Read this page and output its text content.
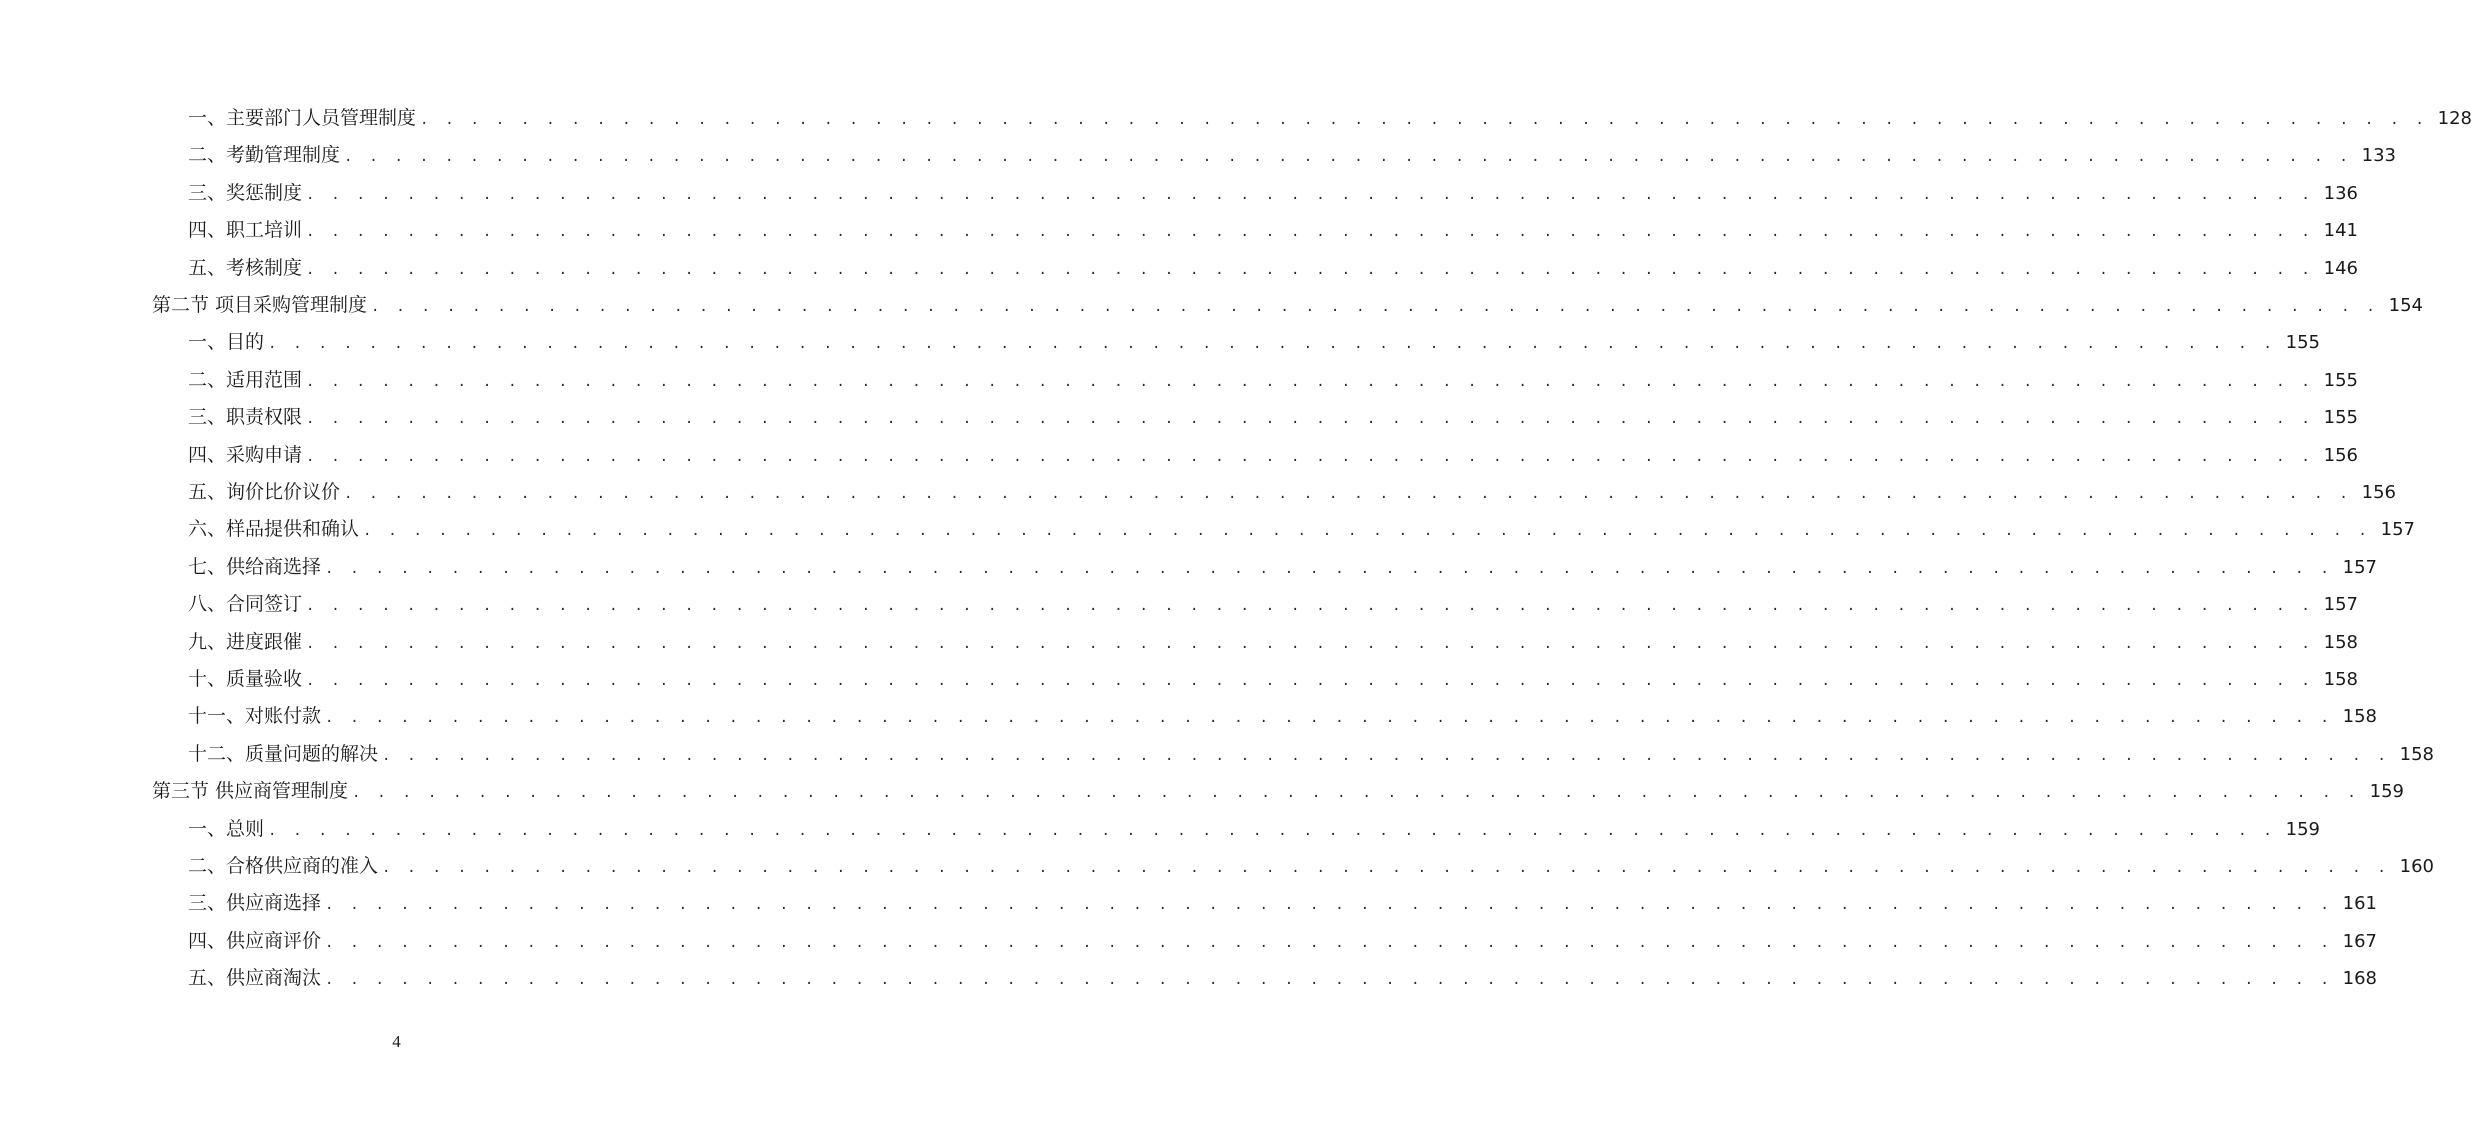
一、主要部门人员管理制度 . . . . . . . . . . . . . . . . . . . . . . . . . . . . . . . . . . . . . . . . . . . . . . . . . . . . . . . . . . . . . . . . . . . . . . . . . . . . . . . . 128
二、考勤管理制度 . . . . . . . . . . . . . . . . . . . . . . . . . . . . . . . . . . . . . . . . . . . . . . . . . . . . . . . . . . . . . . . . . . . . . . . . . . . . . . . . 133
三、奖惩制度 . . . . . . . . . . . . . . . . . . . . . . . . . . . . . . . . . . . . . . . . . . . . . . . . . . . . . . . . . . . . . . . . . . . . . . . . . . . . . . . . 136
四、职工培训 . . . . . . . . . . . . . . . . . . . . . . . . . . . . . . . . . . . . . . . . . . . . . . . . . . . . . . . . . . . . . . . . . . . . . . . . . . . . . . . . 141
五、考核制度 . . . . . . . . . . . . . . . . . . . . . . . . . . . . . . . . . . . . . . . . . . . . . . . . . . . . . . . . . . . . . . . . . . . . . . . . . . . . . . . . 146
第二节 项目采购管理制度 . . . . . . . . . . . . . . . . . . . . . . . . . . . . . . . . . . . . . . . . . . . . . . . . . . . . . . . . . . . . . . . . . . . . . . . . . . . . . . . . 154
一、目的 . . . . . . . . . . . . . . . . . . . . . . . . . . . . . . . . . . . . . . . . . . . . . . . . . . . . . . . . . . . . . . . . . . . . . . . . . . . . . . . . 155
二、适用范围 . . . . . . . . . . . . . . . . . . . . . . . . . . . . . . . . . . . . . . . . . . . . . . . . . . . . . . . . . . . . . . . . . . . . . . . . . . . . . . . . 155
三、职责权限 . . . . . . . . . . . . . . . . . . . . . . . . . . . . . . . . . . . . . . . . . . . . . . . . . . . . . . . . . . . . . . . . . . . . . . . . . . . . . . . . 155
四、采购申请 . . . . . . . . . . . . . . . . . . . . . . . . . . . . . . . . . . . . . . . . . . . . . . . . . . . . . . . . . . . . . . . . . . . . . . . . . . . . . . . . 156
五、询价比价议价 . . . . . . . . . . . . . . . . . . . . . . . . . . . . . . . . . . . . . . . . . . . . . . . . . . . . . . . . . . . . . . . . . . . . . . . . . . . . . . . . 156
六、样品提供和确认 . . . . . . . . . . . . . . . . . . . . . . . . . . . . . . . . . . . . . . . . . . . . . . . . . . . . . . . . . . . . . . . . . . . . . . . . . . . . . . . . 157
七、供给商选择 . . . . . . . . . . . . . . . . . . . . . . . . . . . . . . . . . . . . . . . . . . . . . . . . . . . . . . . . . . . . . . . . . . . . . . . . . . . . . . . . 157
八、合同签订 . . . . . . . . . . . . . . . . . . . . . . . . . . . . . . . . . . . . . . . . . . . . . . . . . . . . . . . . . . . . . . . . . . . . . . . . . . . . . . . . 157
九、进度跟催 . . . . . . . . . . . . . . . . . . . . . . . . . . . . . . . . . . . . . . . . . . . . . . . . . . . . . . . . . . . . . . . . . . . . . . . . . . . . . . . . 158
十、质量验收 . . . . . . . . . . . . . . . . . . . . . . . . . . . . . . . . . . . . . . . . . . . . . . . . . . . . . . . . . . . . . . . . . . . . . . . . . . . . . . . . 158
十一、对账付款 . . . . . . . . . . . . . . . . . . . . . . . . . . . . . . . . . . . . . . . . . . . . . . . . . . . . . . . . . . . . . . . . . . . . . . . . . . . . . . . . 158
十二、质量问题的解决 . . . . . . . . . . . . . . . . . . . . . . . . . . . . . . . . . . . . . . . . . . . . . . . . . . . . . . . . . . . . . . . . . . . . . . . . . . . . . . . . 158
第三节 供应商管理制度 . . . . . . . . . . . . . . . . . . . . . . . . . . . . . . . . . . . . . . . . . . . . . . . . . . . . . . . . . . . . . . . . . . . . . . . . . . . . . . . . 159
一、总则 . . . . . . . . . . . . . . . . . . . . . . . . . . . . . . . . . . . . . . . . . . . . . . . . . . . . . . . . . . . . . . . . . . . . . . . . . . . . . . . . 159
二、合格供应商的准入 . . . . . . . . . . . . . . . . . . . . . . . . . . . . . . . . . . . . . . . . . . . . . . . . . . . . . . . . . . . . . . . . . . . . . . . . . . . . . . . . 160
三、供应商选择 . . . . . . . . . . . . . . . . . . . . . . . . . . . . . . . . . . . . . . . . . . . . . . . . . . . . . . . . . . . . . . . . . . . . . . . . . . . . . . . . 161
四、供应商评价 . . . . . . . . . . . . . . . . . . . . . . . . . . . . . . . . . . . . . . . . . . . . . . . . . . . . . . . . . . . . . . . . . . . . . . . . . . . . . . . . 167
五、供应商淘汰 . . . . . . . . . . . . . . . . . . . . . . . . . . . . . . . . . . . . . . . . . . . . . . . . . . . . . . . . . . . . . . . . . . . . . . . . . . . . . . . . 168
4
